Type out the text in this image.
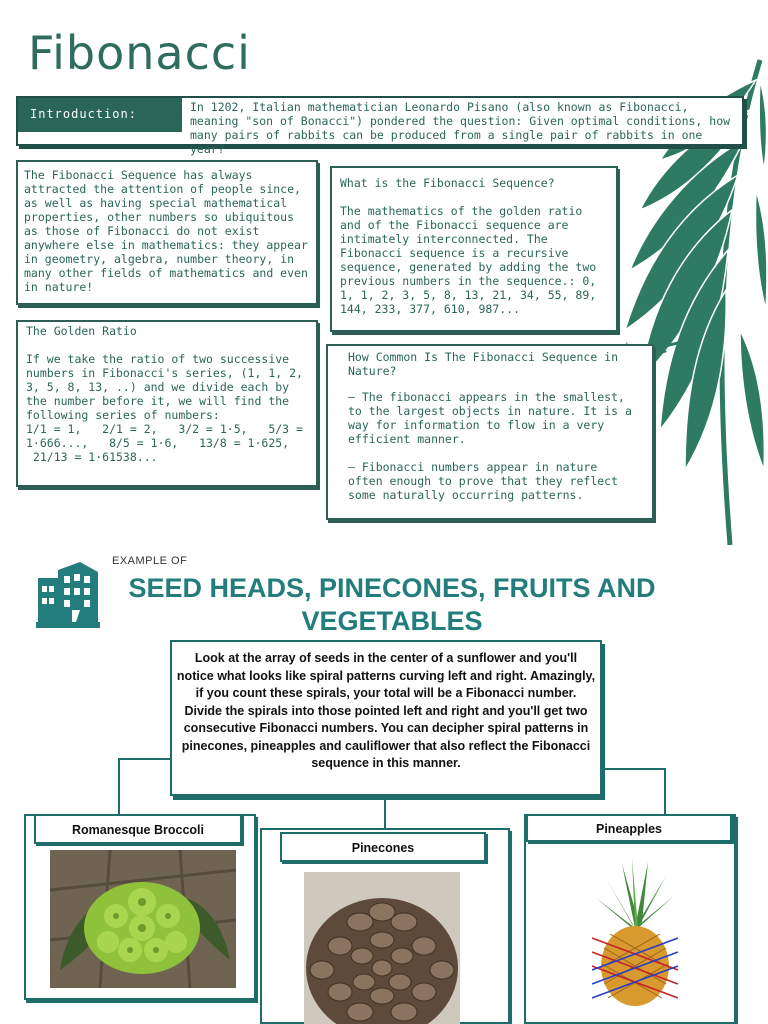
Fibonacci
Introduction:	In 1202, Italian mathematician Leonardo Pisano (also known as Fibonacci, meaning "son of Bonacci") pondered the question: Given optimal conditions, how many pairs of rabbits can be produced from a single pair of rabbits in one year?

The Fibonacci Sequence has always attracted the attention of people since, as well as having special mathematical properties, other numbers so ubiquitous as those of Fibonacci do not exist anywhere else in mathematics: they appear in geometry, algebra, number theory, in many other fields of mathematics and even in nature!

What is the Fibonacci Sequence?

The mathematics of the golden ratio and of the Fibonacci sequence are intimately interconnected. The Fibonacci sequence is a recursive sequence, generated by adding the two previous numbers in the sequence.: 0, 1, 1, 2, 3, 5, 8, 13, 21, 34, 55, 89, 144, 233, 377, 610, 987...

The Golden Ratio

If we take the ratio of two successive numbers in Fibonacci's series, (1, 1, 2, 3, 5, 8, 13, ..) and we divide each by the number before it, we will find the following series of numbers:

1/1 = 1,   2/1 = 2,   3/2 = 1·5,   5/3 =

1·666...,   8/5 = 1·6,   13/8 = 1·625,

21/13 = 1·61538...

How Common Is The Fibonacci Sequence in Nature?

— The fibonacci appears in the smallest, to the largest objects in nature. It is a way for information to flow in a very efficient manner.

— Fibonacci numbers appear in nature often enough to prove that they reflect some naturally occurring patterns.

EXAMPLE OF
SEED HEADS, PINECONES, FRUITS AND VEGETABLES

Look at the array of seeds in the center of a sunflower and you'll notice what looks like spiral patterns curving left and right. Amazingly, if you count these spirals, your total will be a Fibonacci number. Divide the spirals into those pointed left and right and you'll get two consecutive Fibonacci numbers. You can decipher spiral patterns in pinecones, pineapples and cauliflower that also reflect the Fibonacci sequence in this manner.

Romanesque Broccoli
Pinecones
Pineapples
